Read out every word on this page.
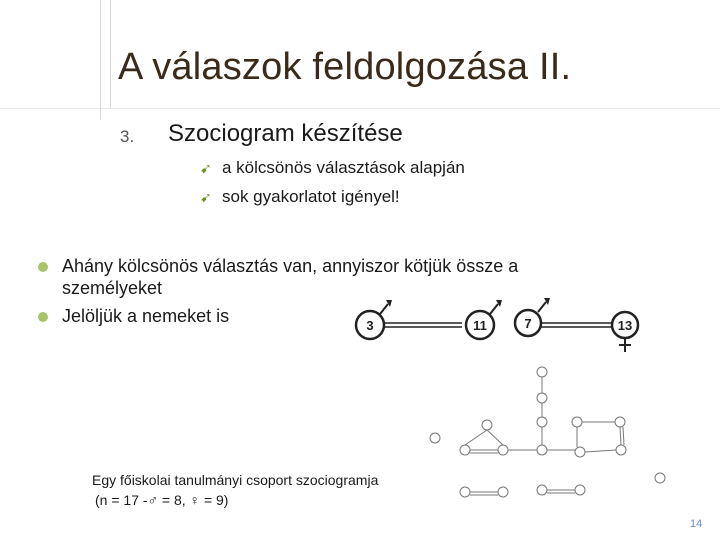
A válaszok feldolgozása II.
3. Szociogram készítése
➹ a kölcsönös választások alapján
➹ sok gyakorlatot igényel!
Ahány kölcsönös választás van, annyiszor kötjük össze a
személyeket
Jelöljük a nemeket is	3	11	7	13
Egy főiskolai tanulmányi csoport szociogramja
(n = 17 -♂ = 8, ♀ = 9)
14
